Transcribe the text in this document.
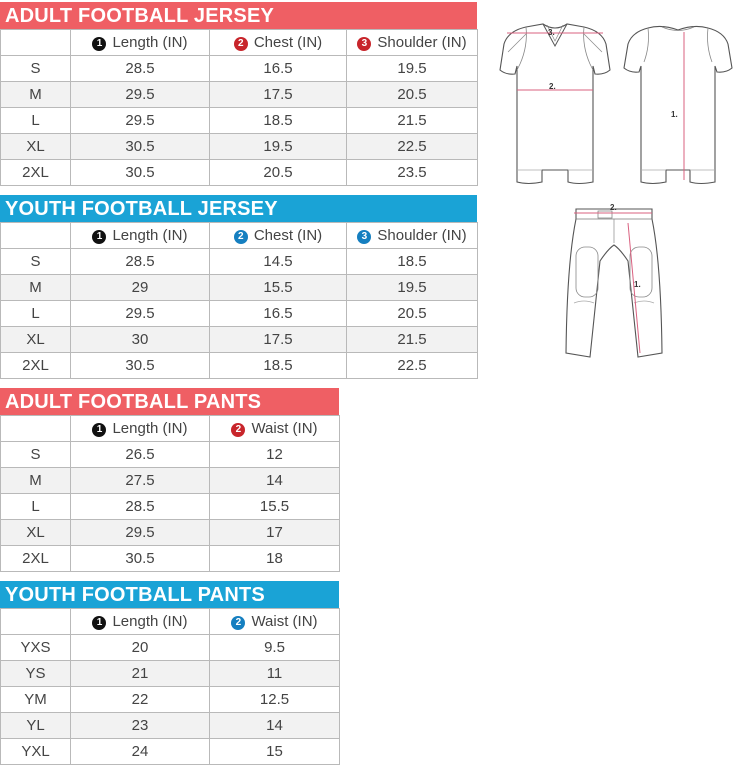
ADULT FOOTBALL JERSEY
	1 Length (IN)	2 Chest (IN)	3 Shoulder (IN)
S	28.5	16.5	19.5
M	29.5	17.5	20.5
L	29.5	18.5	21.5
XL	30.5	19.5	22.5
2XL	30.5	20.5	23.5
YOUTH FOOTBALL JERSEY
	1 Length (IN)	2 Chest (IN)	3 Shoulder (IN)
S	28.5	14.5	18.5
M	29	15.5	19.5
L	29.5	16.5	20.5
XL	30	17.5	21.5
2XL	30.5	18.5	22.5
ADULT FOOTBALL PANTS
	1 Length (IN)	2 Waist (IN)
S	26.5	12
M	27.5	14
L	28.5	15.5
XL	29.5	17
2XL	30.5	18
YOUTH FOOTBALL PANTS
	1 Length (IN)	2 Waist (IN)
YXS	20	9.5
YS	21	11
YM	22	12.5
YL	23	14
YXL	24	15
3.
2.
1.
2.
1.
